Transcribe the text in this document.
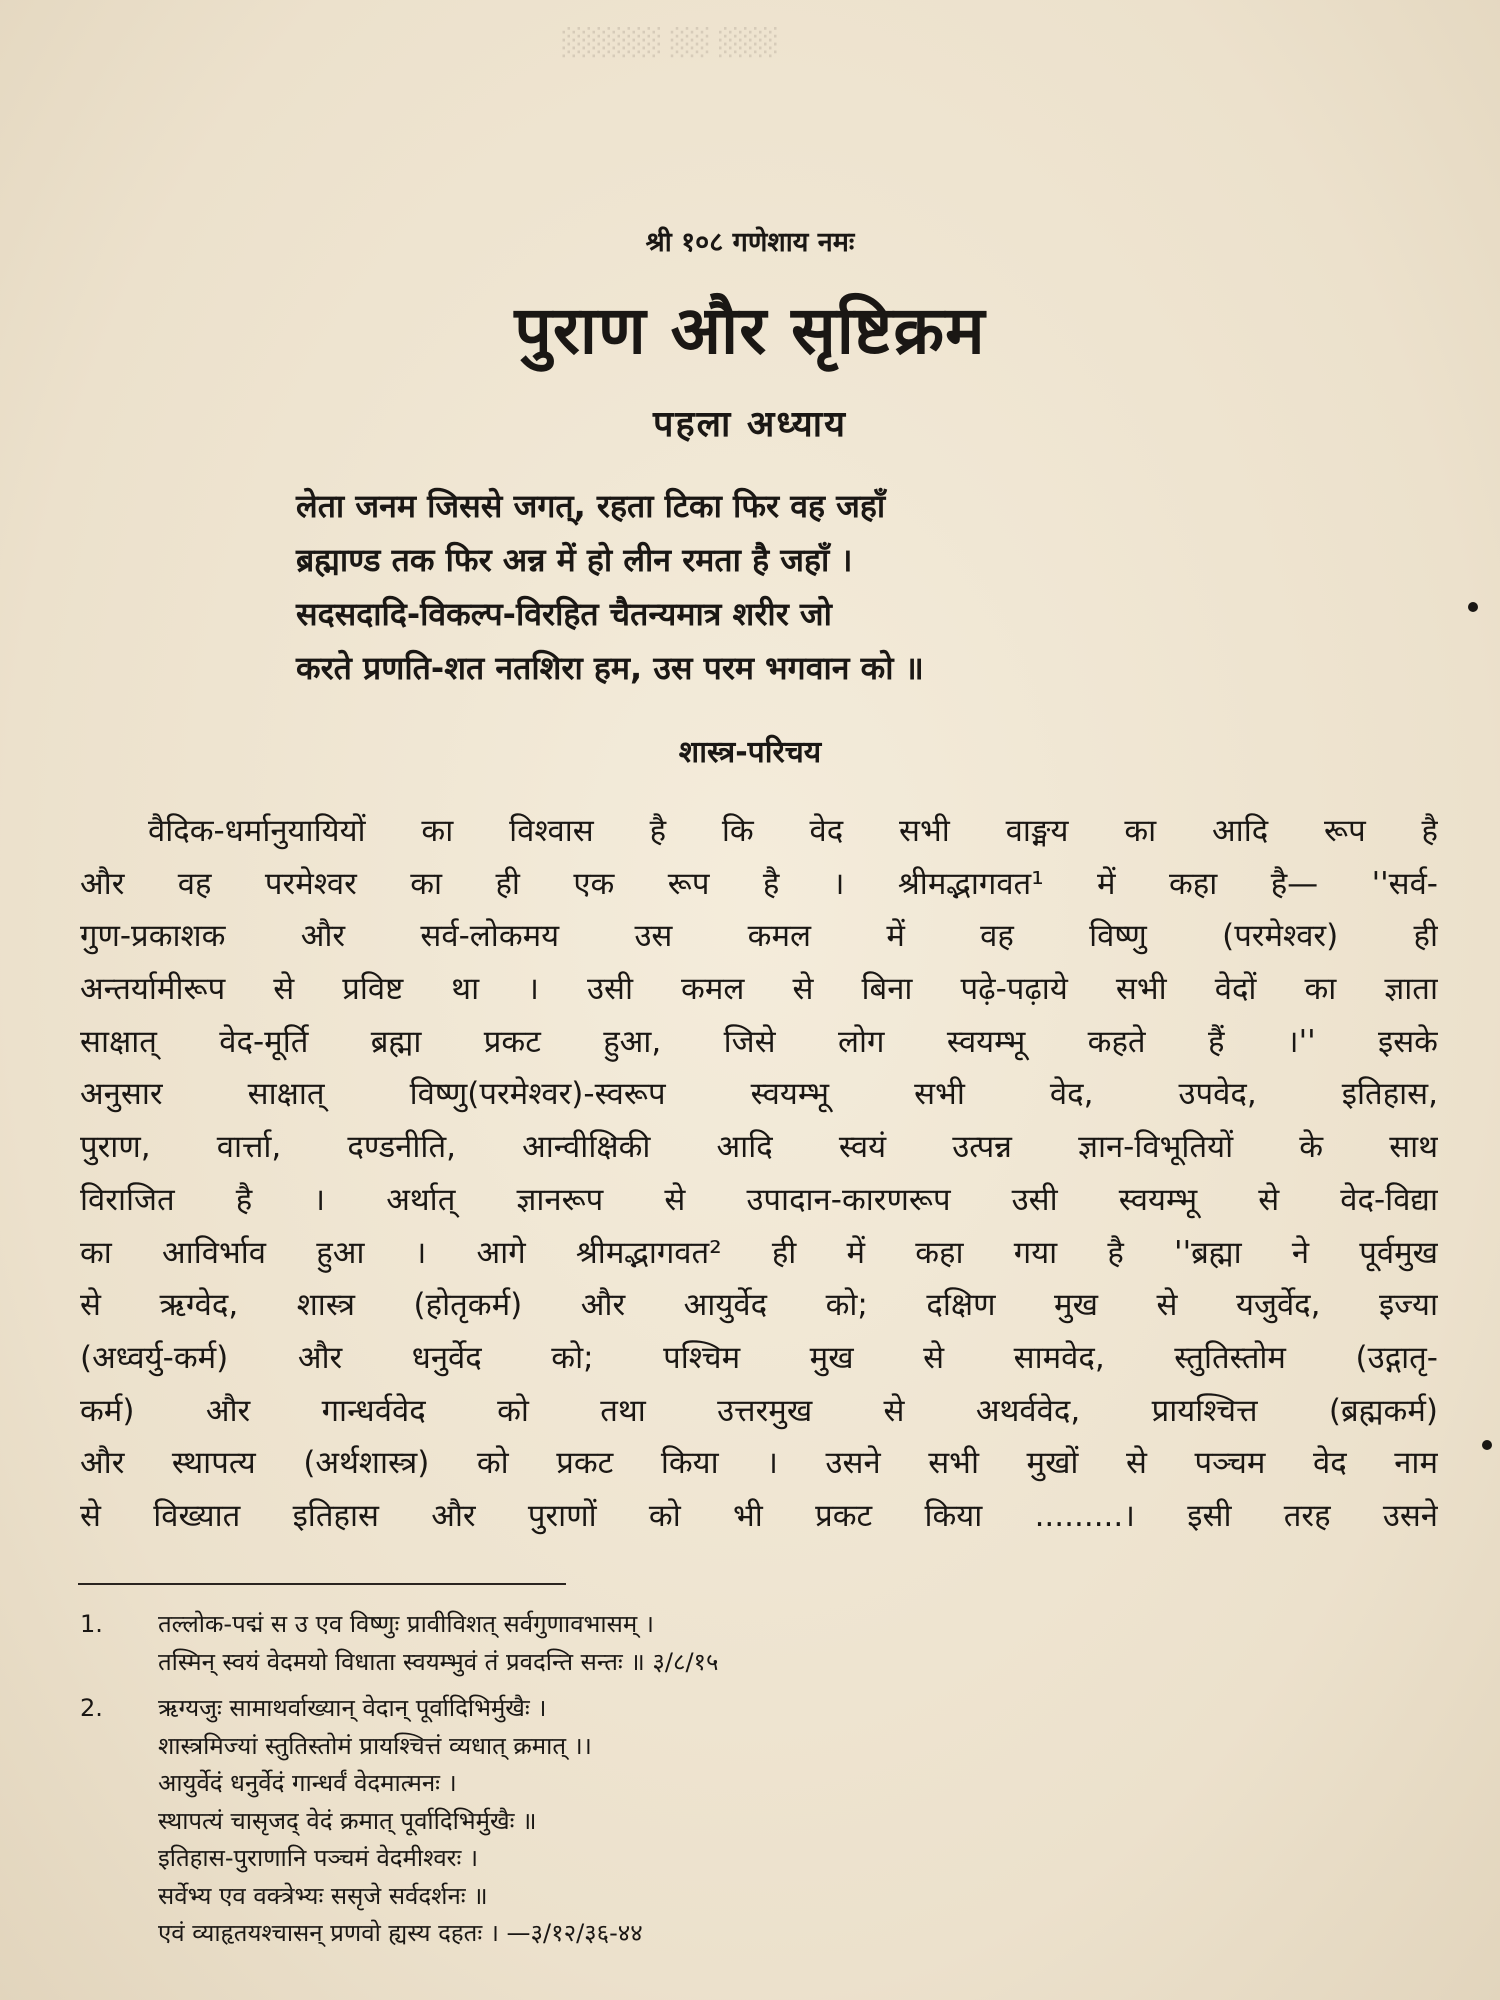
░░░ ░░ ░░░░░
श्री १०८ गणेशाय नमः
पुराण और सृष्टिक्रम
पहला अध्याय
लेता जनम जिससे जगत्, रहता टिका फिर वह जहाँ
ब्रह्माण्ड तक फिर अन्न में हो लीन रमता है जहाँ ।
सदसदादि-विकल्प-विरहित चैतन्यमात्र शरीर जो
करते प्रणति-शत नतशिरा हम, उस परम भगवान को ॥
शास्त्र-परिचय
वैदिक-धर्मानुयायियों का विश्वास है कि वेद सभी वाङ्मय का आदि रूप है
और वह परमेश्वर का ही एक रूप है । श्रीमद्भागवत¹ में कहा है— ''सर्व-
गुण-प्रकाशक और सर्व-लोकमय उस कमल में वह विष्णु (परमेश्वर) ही
अन्तर्यामीरूप से प्रविष्ट था । उसी कमल से बिना पढ़े-पढ़ाये सभी वेदों का ज्ञाता
साक्षात् वेद-मूर्ति ब्रह्मा प्रकट हुआ, जिसे लोग स्वयम्भू कहते हैं ।'' इसके
अनुसार साक्षात् विष्णु(परमेश्वर)-स्वरूप स्वयम्भू सभी वेद, उपवेद, इतिहास,
पुराण, वार्त्ता, दण्डनीति, आन्वीक्षिकी आदि स्वयं उत्पन्न ज्ञान-विभूतियों के साथ
विराजित है । अर्थात् ज्ञानरूप से उपादान-कारणरूप उसी स्वयम्भू से वेद-विद्या
का आविर्भाव हुआ । आगे श्रीमद्भागवत² ही में कहा गया है ''ब्रह्मा ने पूर्वमुख
से ऋग्वेद, शास्त्र (होतृकर्म) और आयुर्वेद को; दक्षिण मुख से यजुर्वेद, इज्या
(अध्वर्यु-कर्म) और धनुर्वेद को; पश्चिम मुख से सामवेद, स्तुतिस्तोम (उद्गातृ-
कर्म) और गान्धर्ववेद को तथा उत्तरमुख से अथर्ववेद, प्रायश्चित्त (ब्रह्मकर्म)
और स्थापत्य (अर्थशास्त्र) को प्रकट किया । उसने सभी मुखों से पञ्चम वेद नाम
से विख्यात इतिहास और पुराणों को भी प्रकट किया .........। इसी तरह उसने
1.	तल्लोक-पद्मं स उ एव विष्णुः प्रावीविशत् सर्वगुणावभासम् ।
तस्मिन् स्वयं वेदमयो विधाता स्वयम्भुवं तं प्रवदन्ति सन्तः ॥ ३/८/१५
2.	ऋग्यजुः सामाथर्वाख्यान् वेदान् पूर्वादिभिर्मुखैः ।
शास्त्रमिज्यां स्तुतिस्तोमं प्रायश्चित्तं व्यधात् क्रमात् ।।
आयुर्वेदं धनुर्वेदं गान्धर्वं वेदमात्मनः ।
स्थापत्यं चासृजद् वेदं क्रमात् पूर्वादिभिर्मुखैः ॥
इतिहास-पुराणानि पञ्चमं वेदमीश्वरः ।
सर्वेभ्य एव वक्त्रेभ्यः ससृजे सर्वदर्शनः ॥
एवं व्याहृतयश्चासन् प्रणवो ह्यस्य दहतः । —३/१२/३६-४४
